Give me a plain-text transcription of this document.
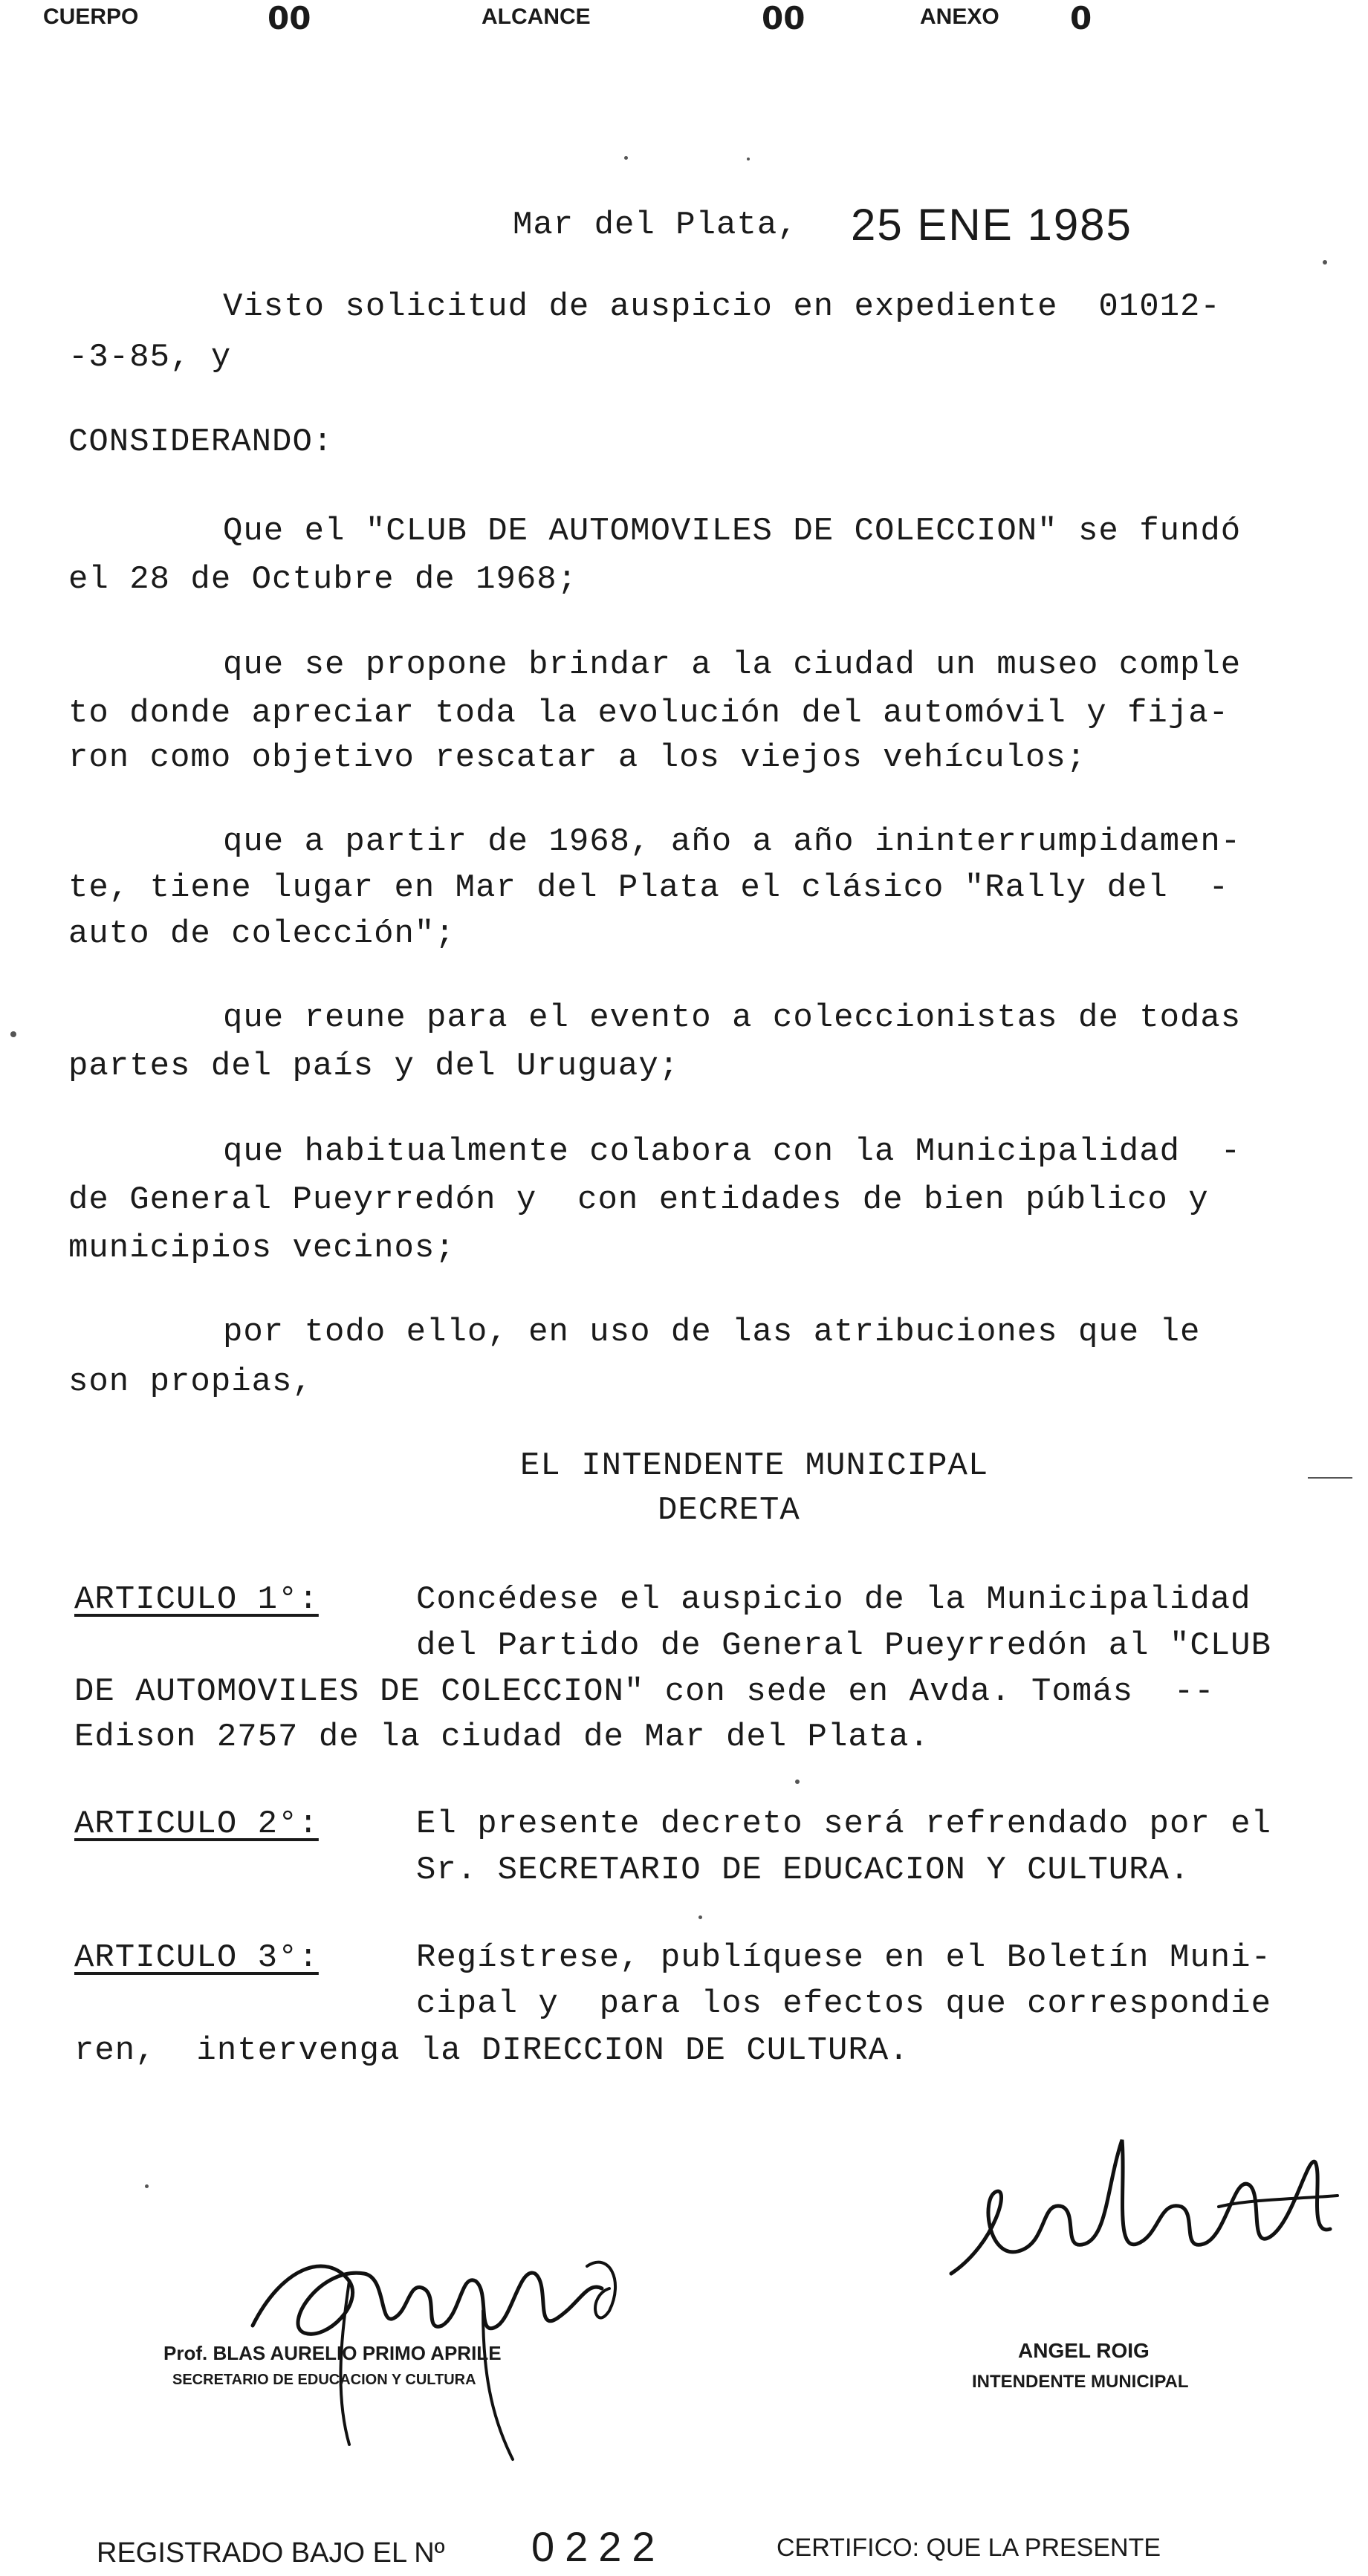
CUERPO	00	ALCANCE	00	ANEXO 0
Mar del Plata, 25 ENE 1985
Visto solicitud de auspicio en expediente  01012-
-3-85, y
CONSIDERANDO:
Que el "CLUB DE AUTOMOVILES DE COLECCION" se fundó
el 28 de Octubre de 1968;
que se propone brindar a la ciudad un museo comple
to donde apreciar toda la evolución del automóvil y fija-
ron como objetivo rescatar a los viejos vehículos;
que a partir de 1968, año a año ininterrumpidamen-
te, tiene lugar en Mar del Plata el clásico "Rally del  -
auto de colección";
que reune para el evento a coleccionistas de todas
partes del país y del Uruguay;
que habitualmente colabora con la Municipalidad  -
de General Pueyrredón y  con entidades de bien público y
municipios vecinos;
por todo ello, en uso de las atribuciones que le
son propias,
EL INTENDENTE MUNICIPAL
DECRETA
ARTICULO 1°:	Concédese el auspicio de la Municipalidad
del Partido de General Pueyrredón al "CLUB
DE AUTOMOVILES DE COLECCION" con sede en Avda. Tomás  --
Edison 2757 de la ciudad de Mar del Plata.
ARTICULO 2°:	El presente decreto será refrendado por el
Sr. SECRETARIO DE EDUCACION Y CULTURA.
ARTICULO 3°:	Regístrese, publíquese en el Boletín Muni-
cipal y  para los efectos que correspondie
ren,  intervenga la DIRECCION DE CULTURA.
Prof. BLAS AURELIO PRIMO APRILE
SECRETARIO DE EDUCACION Y CULTURA
ANGEL ROIG
INTENDENTE MUNICIPAL
REGISTRADO BAJO EL Nº 0222	CERTIFICO: QUE LA PRESENTE
